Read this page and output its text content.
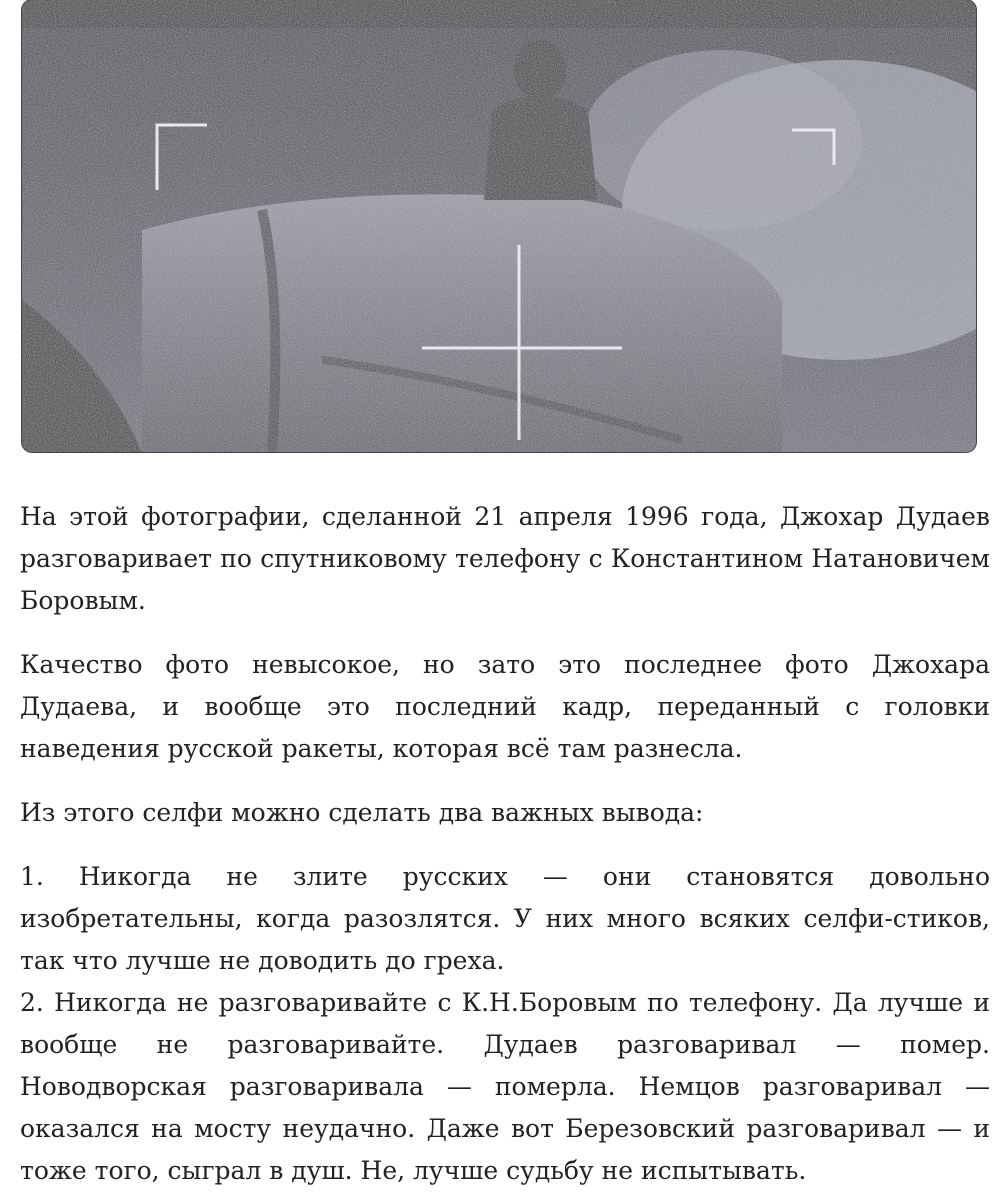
На этой фотографии, сделанной 21 апреля 1996 года, Джохар Дудаев разговаривает по спутниковому телефону с Константином Натановичем Боровым.

Качество фото невысокое, но зато это последнее фото Джохара Дудаева, и вообще это последний кадр, переданный с головки наведения русской ракеты, которая всё там разнесла.

Из этого селфи можно сделать два важных вывода:

1. Никогда не злите русских — они становятся довольно изобретательны, когда разозлятся. У них много всяких селфи-стиков, так что лучше не доводить до греха.

2. Никогда не разговаривайте с К.Н.Боровым по телефону. Да лучше и вообще не разговаривайте. Дудаев разговаривал — помер. Новодворская разговаривала — померла. Немцов разговаривал — оказался на мосту неудачно. Даже вот Березовский разговаривал — и тоже того, сыграл в душ. Не, лучше судьбу не испытывать.
